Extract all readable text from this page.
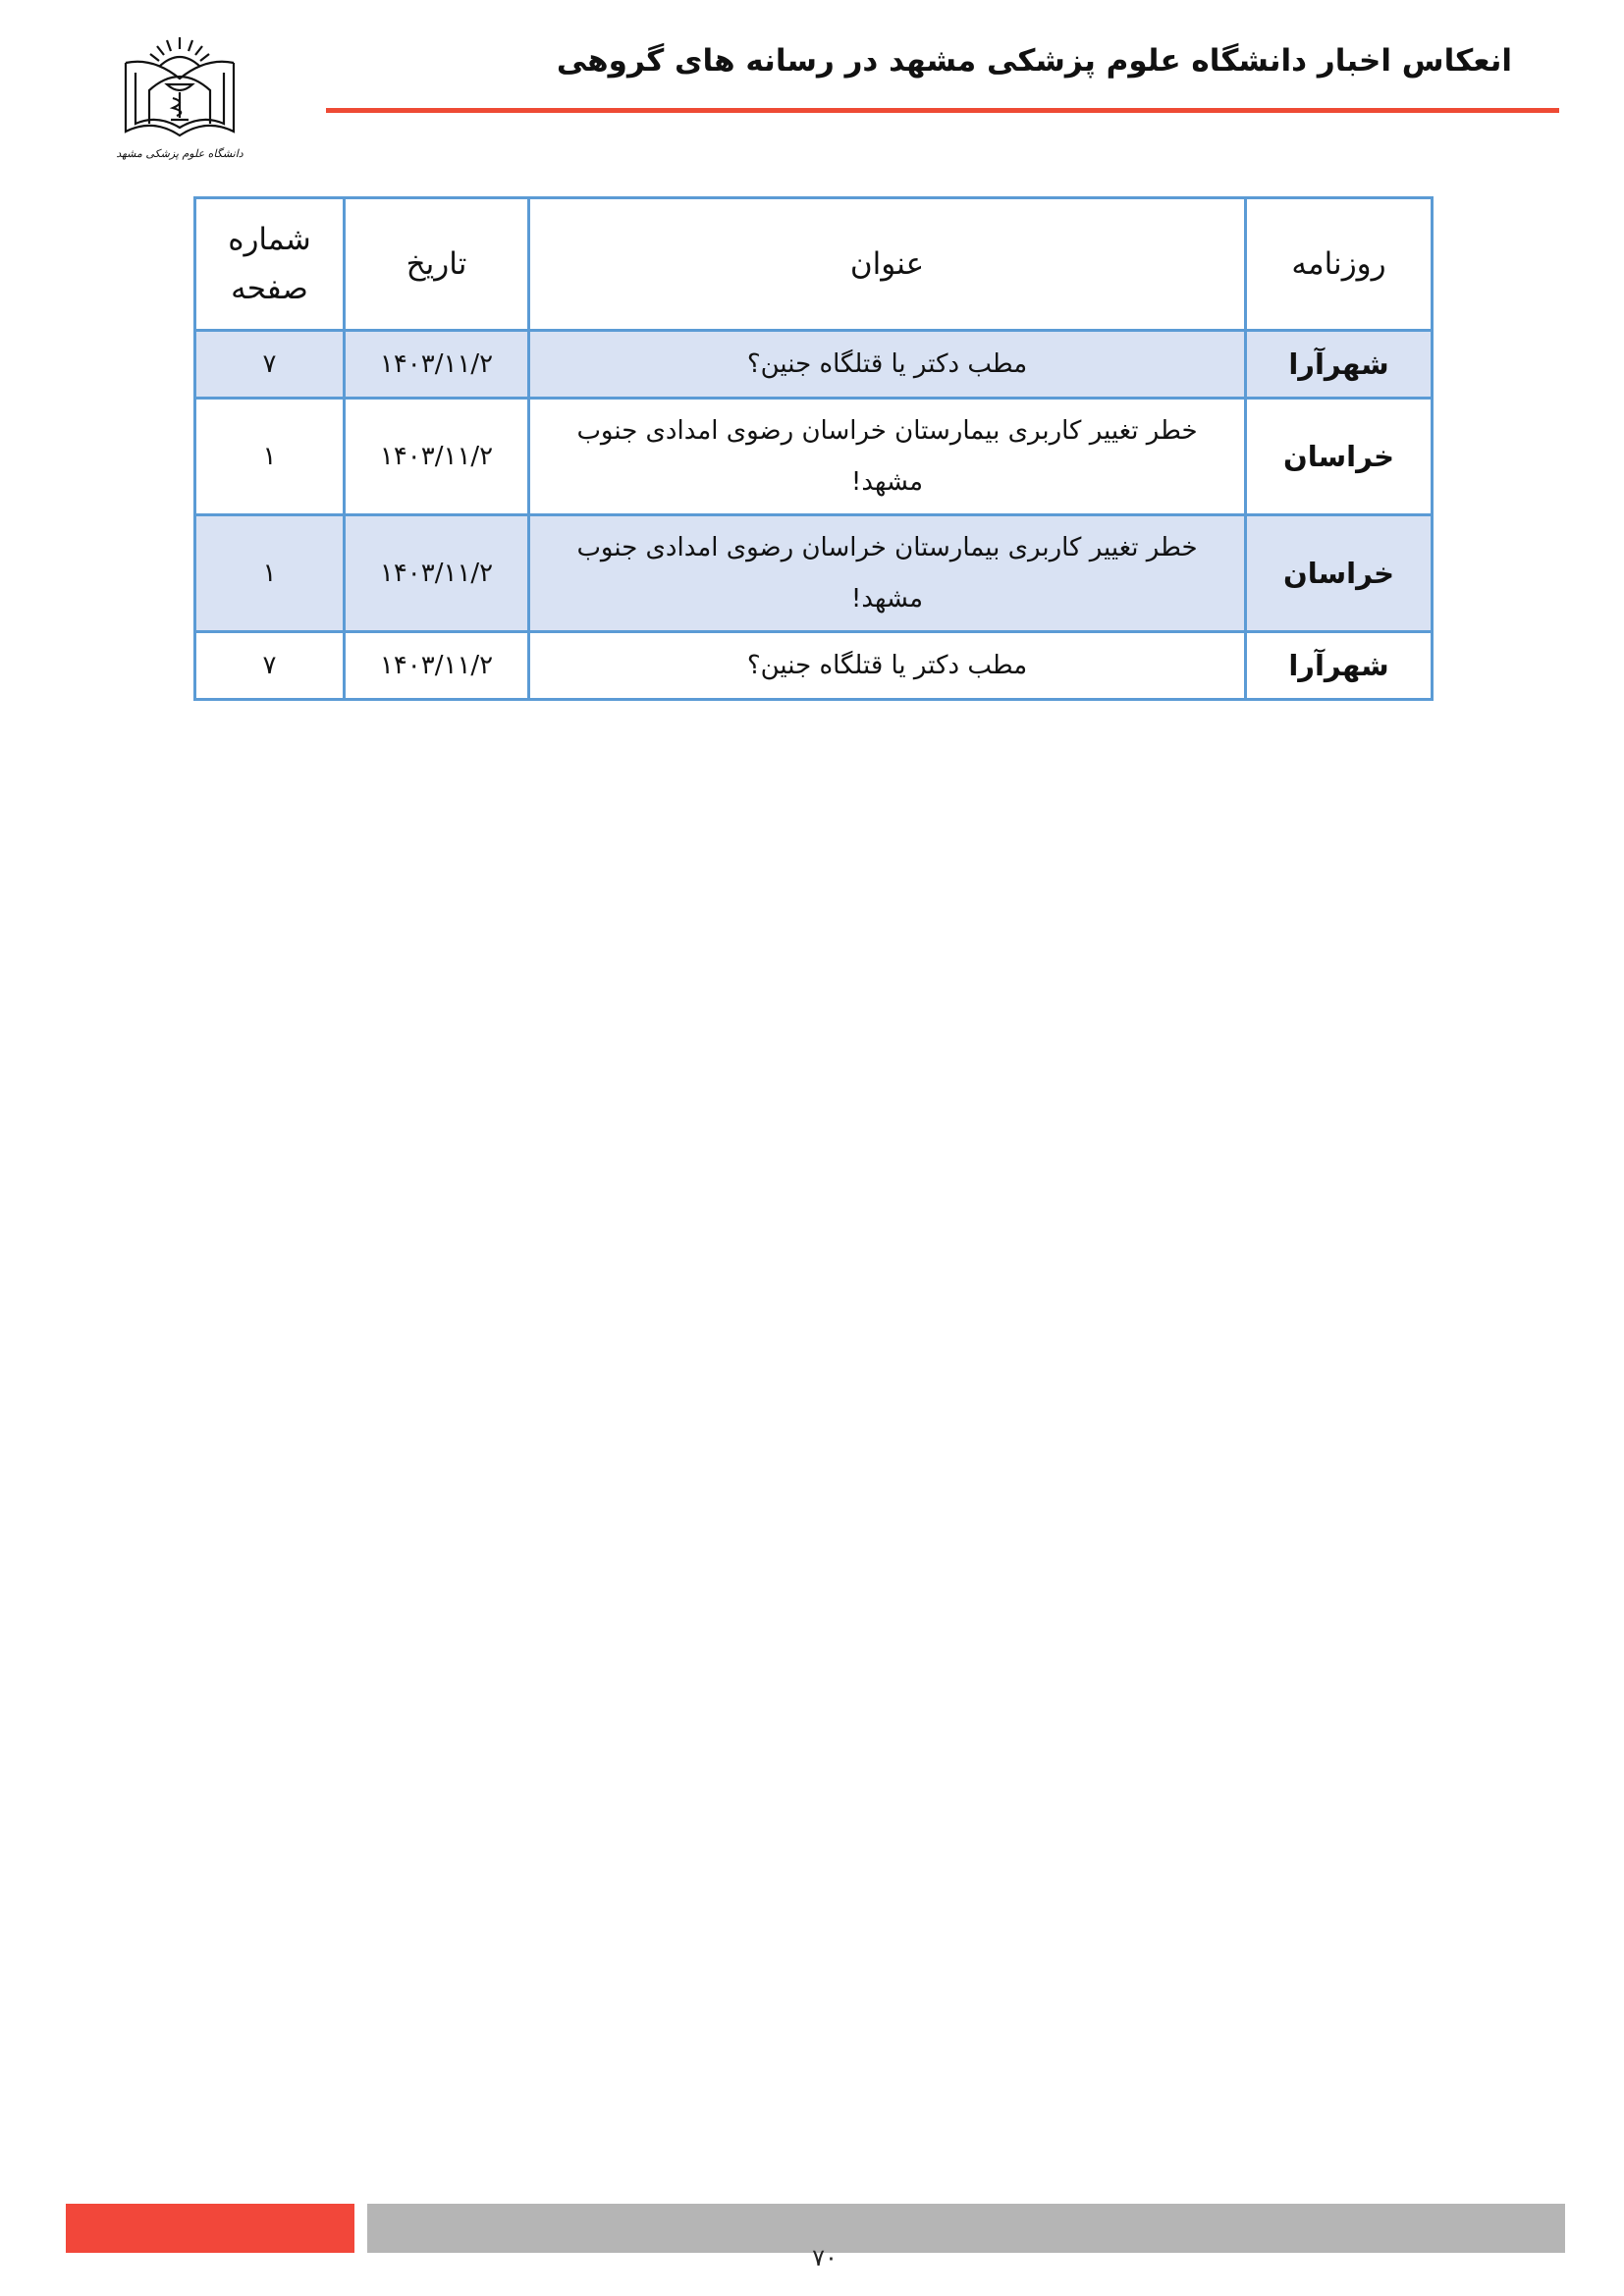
دانشگاه علوم پزشکی مشهد
انعکاس اخبار دانشگاه علوم پزشکی مشهد در رسانه های گروهی
روزنامه	عنوان	تاریخ	شماره صفحه
شهرآرا	مطب دکتر یا قتلگاه جنین؟	۱۴۰۳/۱۱/۲	۷
خراسان	خطر تغییر کاربری بیمارستان خراسان رضوی امدادی جنوب مشهد!	۱۴۰۳/۱۱/۲	۱
خراسان	خطر تغییر کاربری بیمارستان خراسان رضوی امدادی جنوب مشهد!	۱۴۰۳/۱۱/۲	۱
شهرآرا	مطب دکتر یا قتلگاه جنین؟	۱۴۰۳/۱۱/۲	۷
۷۰
